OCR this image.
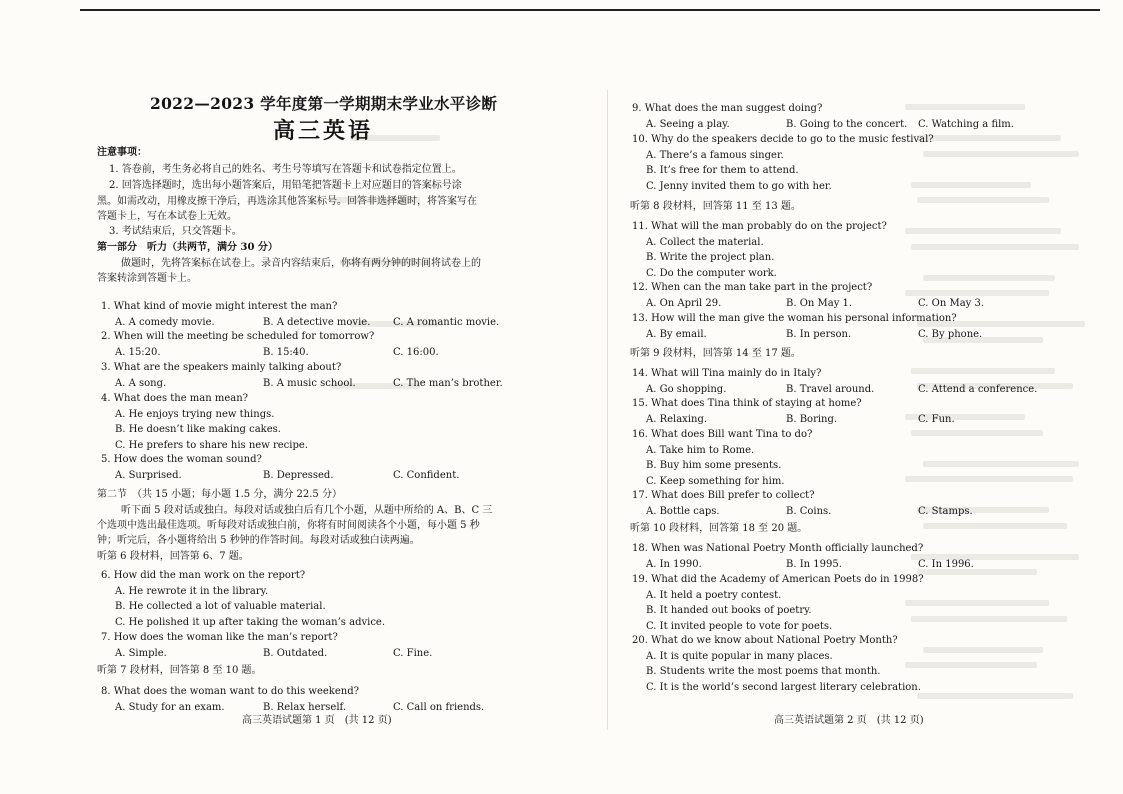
2022—2023 学年度第一学期期末学业水平诊断
高三英语
注意事项：
1. 答卷前，考生务必将自己的姓名、考生号等填写在答题卡和试卷指定位置上。
2. 回答选择题时，选出每小题答案后，用铅笔把答题卡上对应题目的答案标号涂
黑。如需改动，用橡皮擦干净后，再选涂其他答案标号。回答非选择题时，将答案写在
答题卡上，写在本试卷上无效。
3. 考试结束后，只交答题卡。
第一部分　听力（共两节，满分 30 分）
做题时，先将答案标在试卷上。录音内容结束后，你将有两分钟的时间将试卷上的
答案转涂到答题卡上。
第二节　（共 15 小题；每小题 1.5 分，满分 22.5 分）
听下面 5 段对话或独白。每段对话或独白后有几个小题，从题中所给的 A、B、C 三
个选项中选出最佳选项。听每段对话或独白前，你将有时间阅读各个小题，每小题 5 秒
钟；听完后，各小题将给出 5 秒钟的作答时间。每段对话或独白读两遍。
听第 6 段材料，回答第 6、7 题。
听第 7 段材料，回答第 8 至 10 题。
1. What kind of movie might interest the man?
A. A comedy movie.	B. A detective movie. C. A romantic movie.
2. When will the meeting be scheduled for tomorrow?
A. 15:20.	B. 15:40.	C. 16:00.
3. What are the speakers mainly talking about?
A. A song.	B. A music school.	C. The man’s brother.
4. What does the man mean?
A. He enjoys trying new things.
B. He doesn’t like making cakes.
C. He prefers to share his new recipe.
5. How does the woman sound?
A. Surprised.	B. Depressed.	C. Confident.
6. How did the man work on the report?
A. He rewrote it in the library.
B. He collected a lot of valuable material.
C. He polished it up after taking the woman’s advice.
7. How does the woman like the man’s report?
A. Simple.	B. Outdated.	C. Fine.
8. What does the woman want to do this weekend?
A. Study for an exam.	B. Relax herself.	C. Call on friends.
听第 8 段材料，回答第 11 至 13 题。
听第 9 段材料，回答第 14 至 17 题。
听第 10 段材料，回答第 18 至 20 题。
9. What does the man suggest doing?
A. Seeing a play.	B. Going to the concert. C. Watching a film.
10. Why do the speakers decide to go to the music festival?
A. There’s a famous singer.
B. It’s free for them to attend.
C. Jenny invited them to go with her.
11. What will the man probably do on the project?
A. Collect the material.
B. Write the project plan.
C. Do the computer work.
12. When can the man take part in the project?
A. On April 29.	B. On May 1.	C. On May 3.
13. How will the man give the woman his personal information?
A. By email.	B. In person.	C. By phone.
14. What will Tina mainly do in Italy?
A. Go shopping.	B. Travel around.	C. Attend a conference.
15. What does Tina think of staying at home?
A. Relaxing.	B. Boring.	C. Fun.
16. What does Bill want Tina to do?
A. Take him to Rome.
B. Buy him some presents.
C. Keep something for him.
17. What does Bill prefer to collect?
A. Bottle caps.	B. Coins.	C. Stamps.
18. When was National Poetry Month officially launched?
A. In 1990.	B. In 1995.	C. In 1996.
19. What did the Academy of American Poets do in 1998?
A. It held a poetry contest.
B. It handed out books of poetry.
C. It invited people to vote for poets.
20. What do we know about National Poetry Month?
A. It is quite popular in many places.
B. Students write the most poems that month.
C. It is the world’s second largest literary celebration.
高三英语试题第 1 页　(共 12 页)	高三英语试题第 2 页　(共 12 页)
